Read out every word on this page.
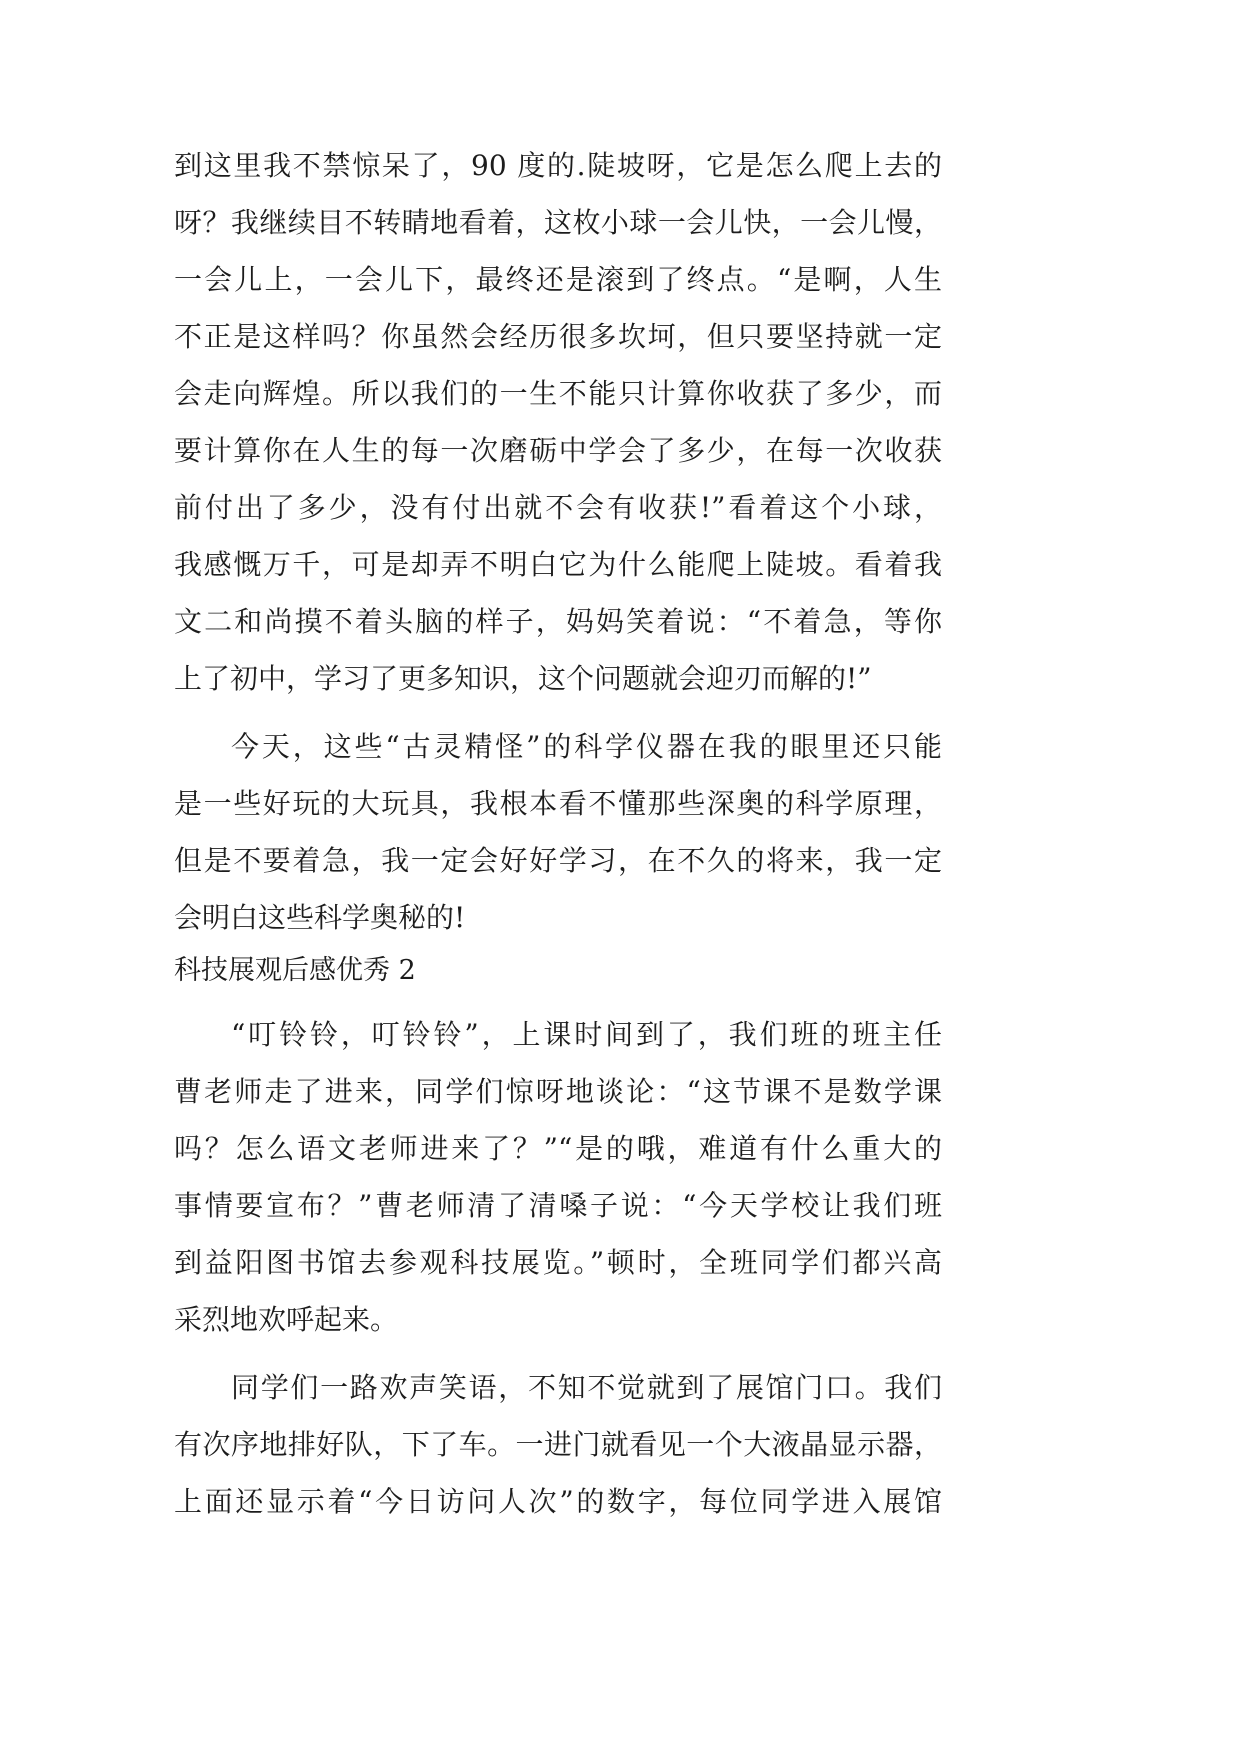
到这里我不禁惊呆了，90 度的.陡坡呀，它是怎么爬上去的
呀？我继续目不转睛地看着，这枚小球一会儿快，一会儿慢，
一会儿上，一会儿下，最终还是滚到了终点。“是啊，人生
不正是这样吗？你虽然会经历很多坎坷，但只要坚持就一定
会走向辉煌。所以我们的一生不能只计算你收获了多少，而
要计算你在人生的每一次磨砺中学会了多少，在每一次收获
前付出了多少，没有付出就不会有收获!”看着这个小球，
我感慨万千，可是却弄不明白它为什么能爬上陡坡。看着我
文二和尚摸不着头脑的样子，妈妈笑着说：“不着急，等你
上了初中，学习了更多知识，这个问题就会迎刃而解的!”
今天，这些“古灵精怪”的科学仪器在我的眼里还只能
是一些好玩的大玩具，我根本看不懂那些深奥的科学原理，
但是不要着急，我一定会好好学习，在不久的将来，我一定
会明白这些科学奥秘的!
科技展观后感优秀 2
“叮铃铃，叮铃铃”，上课时间到了，我们班的班主任
曹老师走了进来，同学们惊呀地谈论：“这节课不是数学课
吗？怎么语文老师进来了？”“是的哦，难道有什么重大的
事情要宣布？”曹老师清了清嗓子说：“今天学校让我们班
到益阳图书馆去参观科技展览。”顿时，全班同学们都兴高
采烈地欢呼起来。
同学们一路欢声笑语，不知不觉就到了展馆门口。我们
有次序地排好队，下了车。一进门就看见一个大液晶显示器，
上面还显示着“今日访问人次”的数字，每位同学进入展馆
